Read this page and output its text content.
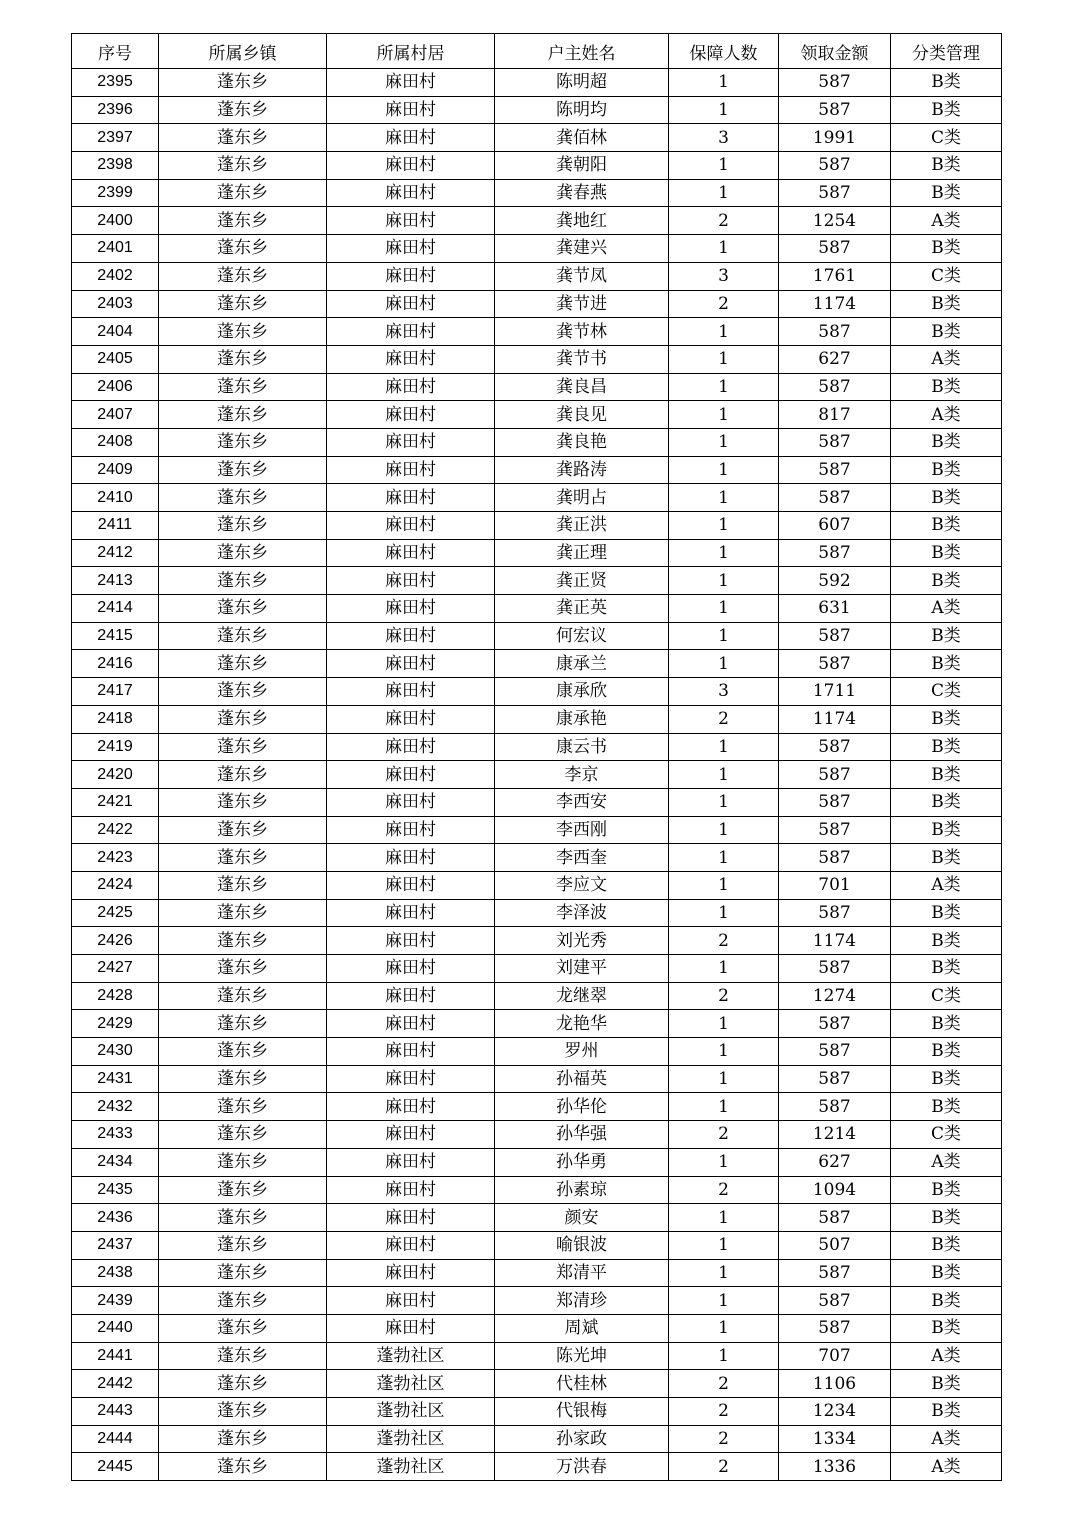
序号	所属乡镇	所属村居	户主姓名	保障人数	领取金额	分类管理
2395	蓬东乡	麻田村	陈明超	1	587	B类
2396	蓬东乡	麻田村	陈明均	1	587	B类
2397	蓬东乡	麻田村	龚佰林	3	1991	C类
2398	蓬东乡	麻田村	龚朝阳	1	587	B类
2399	蓬东乡	麻田村	龚春燕	1	587	B类
2400	蓬东乡	麻田村	龚地红	2	1254	A类
2401	蓬东乡	麻田村	龚建兴	1	587	B类
2402	蓬东乡	麻田村	龚节凤	3	1761	C类
2403	蓬东乡	麻田村	龚节进	2	1174	B类
2404	蓬东乡	麻田村	龚节林	1	587	B类
2405	蓬东乡	麻田村	龚节书	1	627	A类
2406	蓬东乡	麻田村	龚良昌	1	587	B类
2407	蓬东乡	麻田村	龚良见	1	817	A类
2408	蓬东乡	麻田村	龚良艳	1	587	B类
2409	蓬东乡	麻田村	龚路涛	1	587	B类
2410	蓬东乡	麻田村	龚明占	1	587	B类
2411	蓬东乡	麻田村	龚正洪	1	607	B类
2412	蓬东乡	麻田村	龚正理	1	587	B类
2413	蓬东乡	麻田村	龚正贤	1	592	B类
2414	蓬东乡	麻田村	龚正英	1	631	A类
2415	蓬东乡	麻田村	何宏议	1	587	B类
2416	蓬东乡	麻田村	康承兰	1	587	B类
2417	蓬东乡	麻田村	康承欣	3	1711	C类
2418	蓬东乡	麻田村	康承艳	2	1174	B类
2419	蓬东乡	麻田村	康云书	1	587	B类
2420	蓬东乡	麻田村	李京	1	587	B类
2421	蓬东乡	麻田村	李西安	1	587	B类
2422	蓬东乡	麻田村	李西刚	1	587	B类
2423	蓬东乡	麻田村	李西奎	1	587	B类
2424	蓬东乡	麻田村	李应文	1	701	A类
2425	蓬东乡	麻田村	李泽波	1	587	B类
2426	蓬东乡	麻田村	刘光秀	2	1174	B类
2427	蓬东乡	麻田村	刘建平	1	587	B类
2428	蓬东乡	麻田村	龙继翠	2	1274	C类
2429	蓬东乡	麻田村	龙艳华	1	587	B类
2430	蓬东乡	麻田村	罗州	1	587	B类
2431	蓬东乡	麻田村	孙福英	1	587	B类
2432	蓬东乡	麻田村	孙华伦	1	587	B类
2433	蓬东乡	麻田村	孙华强	2	1214	C类
2434	蓬东乡	麻田村	孙华勇	1	627	A类
2435	蓬东乡	麻田村	孙素琼	2	1094	B类
2436	蓬东乡	麻田村	颜安	1	587	B类
2437	蓬东乡	麻田村	喻银波	1	507	B类
2438	蓬东乡	麻田村	郑清平	1	587	B类
2439	蓬东乡	麻田村	郑清珍	1	587	B类
2440	蓬东乡	麻田村	周斌	1	587	B类
2441	蓬东乡	蓬勃社区	陈光坤	1	707	A类
2442	蓬东乡	蓬勃社区	代桂林	2	1106	B类
2443	蓬东乡	蓬勃社区	代银梅	2	1234	B类
2444	蓬东乡	蓬勃社区	孙家政	2	1334	A类
2445	蓬东乡	蓬勃社区	万洪春	2	1336	A类
